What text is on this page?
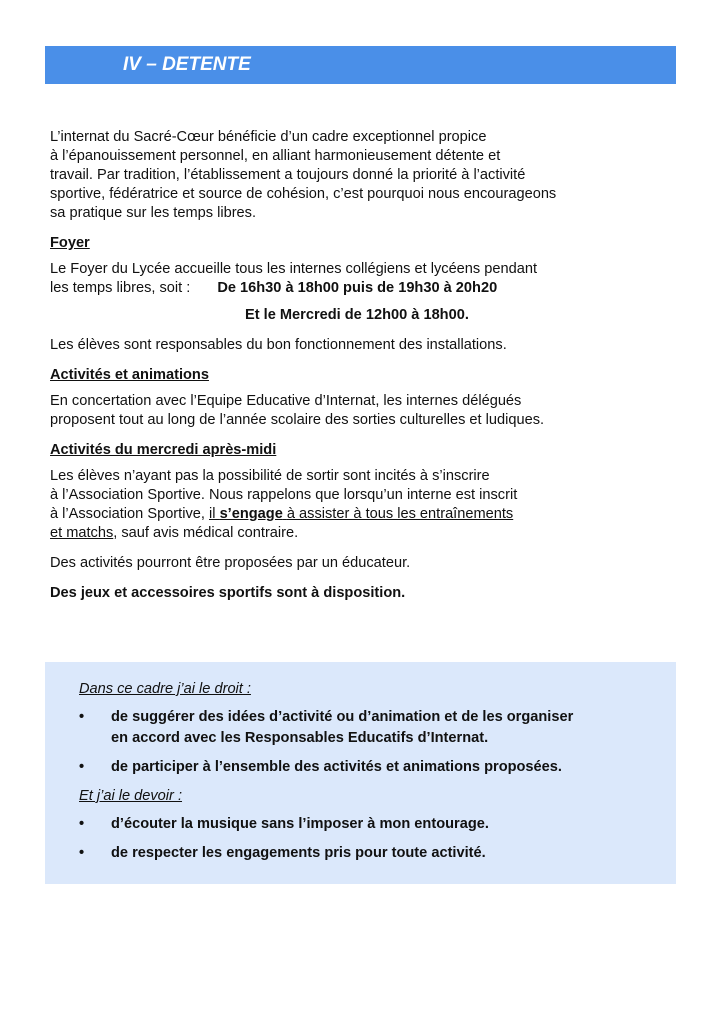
IV – DETENTE

L’internat du Sacré-Cœur bénéficie d’un cadre exceptionnel propice
à l’épanouissement personnel, en alliant harmonieusement détente et
travail. Par tradition, l’établissement a toujours donné la priorité à l’activité
sportive, fédératrice et source de cohésion, c’est pourquoi nous encourageons
sa pratique sur les temps libres.

Foyer

Le Foyer du Lycée accueille tous les internes collégiens et lycéens pendant
les temps libres, soit : De 16h30 à 18h00 puis de 19h30 à 20h20

Et le Mercredi de 12h00 à 18h00.

Les élèves sont responsables du bon fonctionnement des installations.

Activités et animations

En concertation avec l’Equipe Educative d’Internat, les internes délégués
proposent tout au long de l’année scolaire des sorties culturelles et ludiques.

Activités du mercredi après-midi

Les élèves n’ayant pas la possibilité de sortir sont incités à s’inscrire
à l’Association Sportive. Nous rappelons que lorsqu’un interne est inscrit
à l’Association Sportive, il s’engage à assister à tous les entraînements
et matchs, sauf avis médical contraire.

Des activités pourront être proposées par un éducateur.

Des jeux et accessoires sportifs sont à disposition.

Dans ce cadre j’ai le droit :
• de suggérer des idées d’activité ou d’animation et de les organiser
en accord avec les Responsables Educatifs d’Internat.
• de participer à l’ensemble des activités et animations proposées.
Et j’ai le devoir :
• d’écouter la musique sans l’imposer à mon entourage.
• de respecter les engagements pris pour toute activité.
